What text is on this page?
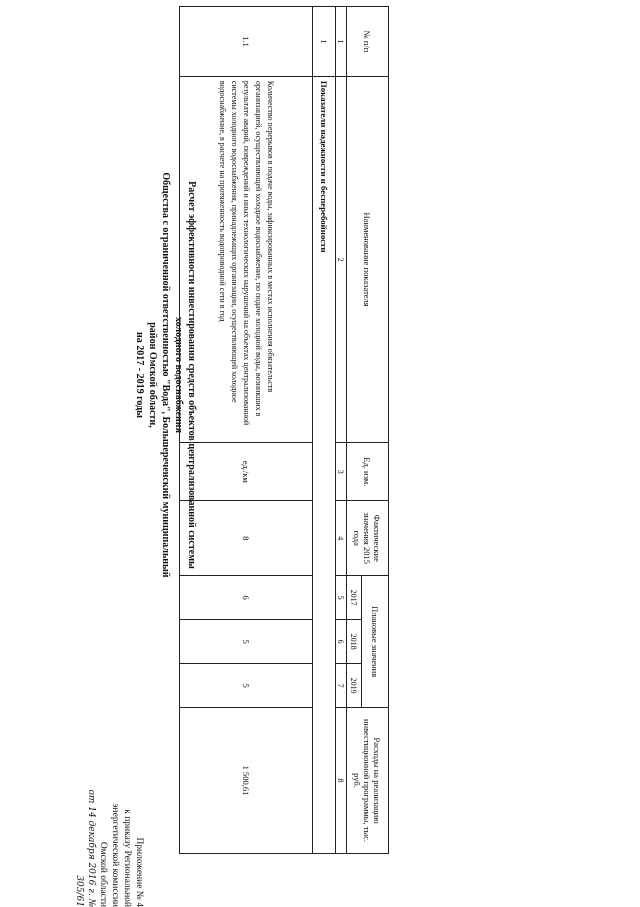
Приложение № 4
к приказу Региональной
энергетической комиссии
Омской области
от 14 декабря 2016 г. № 305/61
Расчет эффективности инвестирования средств объектов централизованной системы холодного водоснабжения
Общества с ограниченной ответственностью "Вода", Большереченский муниципальный район Омской области,
на 2017 - 2019 годы
№ п/п	Наименование показателя	Ед. изм.	Фактические значения 2015 года	Плановые значения			Расходы на реализацию инвестиционной программы, тыс. руб.
				2017	2018	2019	
1	2	3	4	5	6	7	8
1	Показатели надежности и бесперебойности						
1.1	Количество перерывов в подаче воды, зафиксированных в местах исполнения обязательств организацией, осуществляющей холодное водоснабжение, по подаче холодной воды, возникших в результате аварий, повреждений и иных технологических нарушений на объектах централизованной системы холодного водоснабжения, принадлежащих организации, осуществляющей холодное водоснабжение, в расчете на протяженность водопроводной сети в год	ед./км	8	6	5	5	1 500,61
